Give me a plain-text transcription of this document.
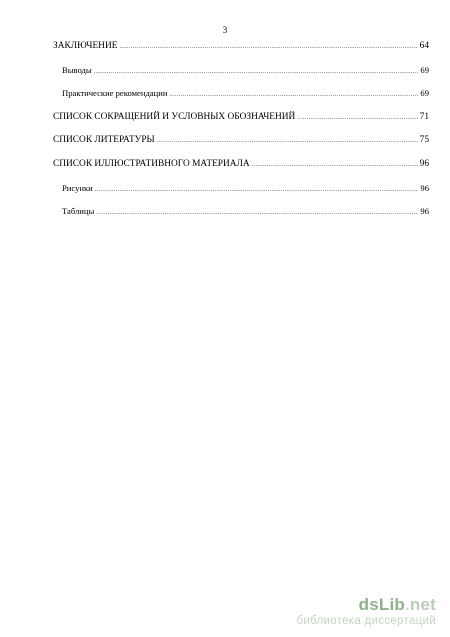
3
ЗАКЛЮЧЕНИЕ .....	64
Выводы .....	69
Практические рекомендации .....	69
СПИСОК СОКРАЩЕНИЙ И УСЛОВНЫХ ОБОЗНАЧЕНИЙ .....	71
СПИСОК ЛИТЕРАТУРЫ .....	75
СПИСОК ИЛЛЮСТРАТИВНОГО МАТЕРИАЛА .....	96
Рисунки .....	96
Таблицы .....	96
dsLib.net
библиотека диссертаций
